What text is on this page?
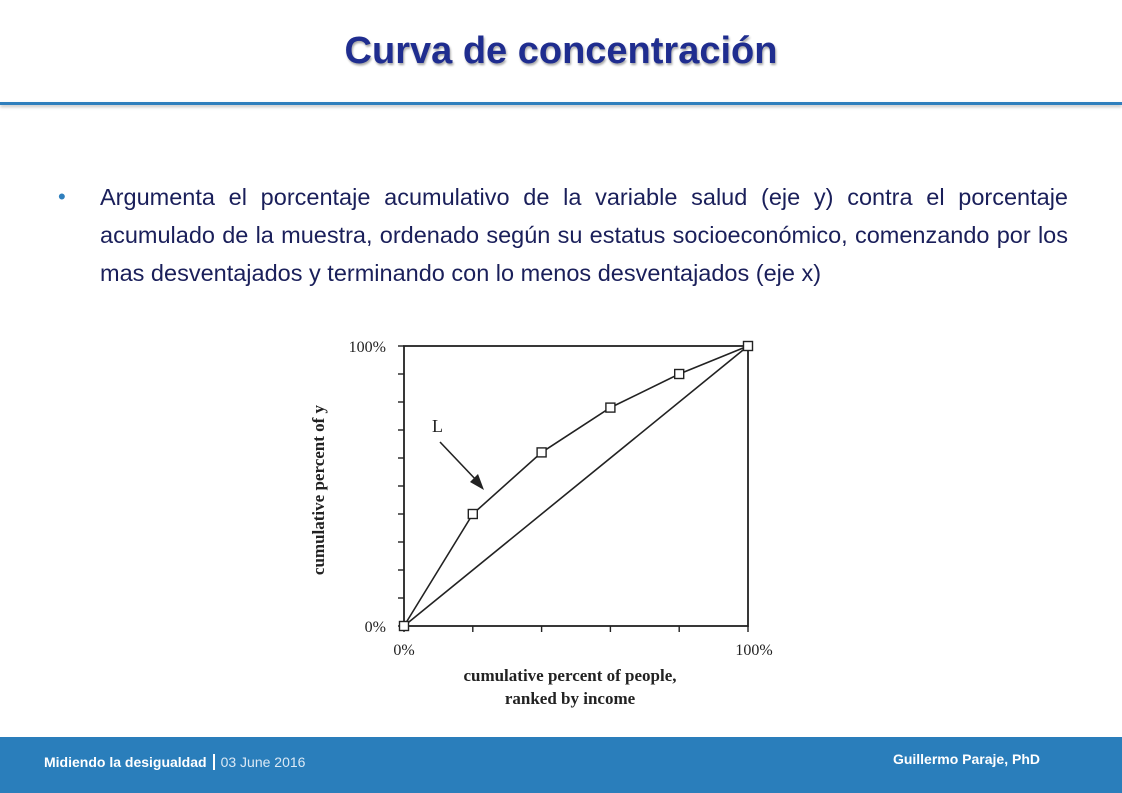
Curva de concentración
• Argumenta el porcentaje acumulativo de la variable salud (eje y) contra el porcentaje acumulado de la muestra, ordenado según su estatus socioeconómico, comenzando por los mas desventajados y terminando con lo menos desventajados (eje x)

100%
0%
0%	100%
cumulative percent of people,
ranked by income
cumulative percent of y	L
Midiendo la desigualdad 03 June 2016	Guillermo Paraje, PhD
